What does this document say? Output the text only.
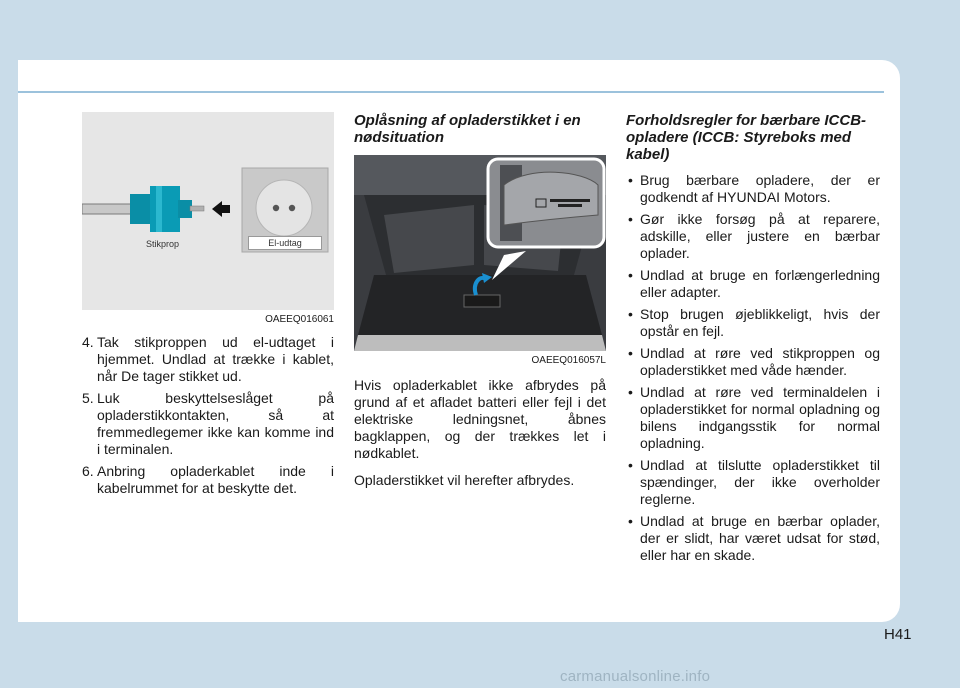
Stikprop	El-udtag
OAEEQ016061
4. Tak stikproppen ud el-udtaget i hjemmet. Undlad at trække i kablet, når De tager stikket ud.
5. Luk beskyttelseslåget på opladerstikkontakten, så at fremmedlegemer ikke kan komme ind i terminalen.
6. Anbring opladerkablet inde i kabelrummet for at beskytte det.
Oplåsning af opladerstikket i en nødsituation
OAEEQ016057L

Hvis opladerkablet ikke afbrydes på grund af et afladet batteri eller fejl i det elektriske ledningsnet, åbnes bagklappen, og der trækkes let i nødkablet.

Opladerstikket vil herefter afbrydes.

Forholdsregler for bærbare ICCB-opladere (ICCB: Styreboks med kabel)
• Brug bærbare opladere, der er godkendt af HYUNDAI Motors.
• Gør ikke forsøg på at reparere, adskille, eller justere en bærbar oplader.
• Undlad at bruge en forlængerledning eller adapter.
• Stop brugen øjeblikkeligt, hvis der opstår en fejl.
• Undlad at røre ved stikproppen og opladerstikket med våde hænder.
• Undlad at røre ved terminaldelen i opladerstikket for normal opladning og bilens indgangsstik for normal opladning.
• Undlad at tilslutte opladerstikket til spændinger, der ikke overholder reglerne.
• Undlad at bruge en bærbar oplader, der er slidt, har været udsat for stød, eller har en skade.
H41
carmanualsonline.info
